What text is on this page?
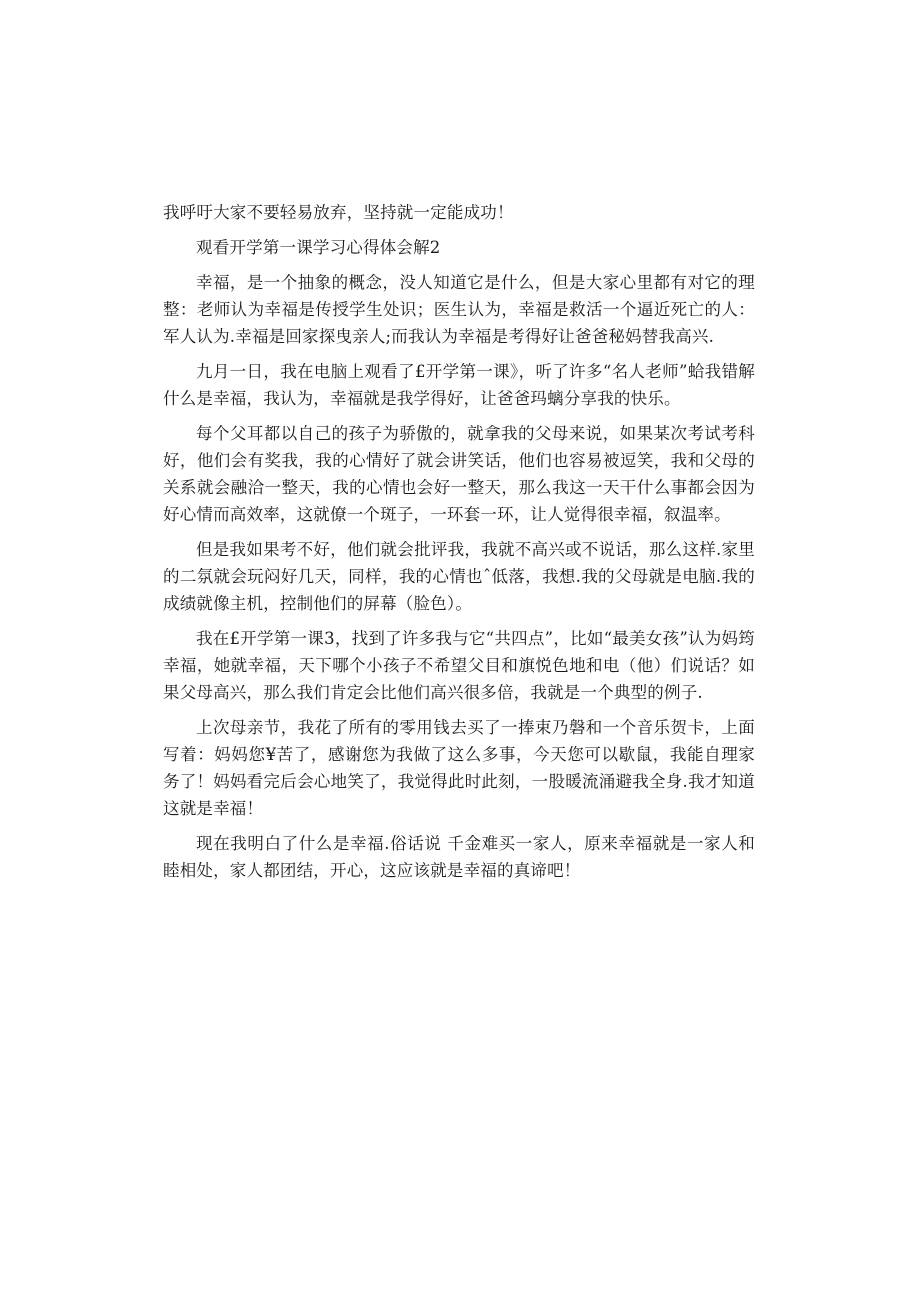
我呼吁大家不要轻易放弃，坚持就一定能成功！

观看开学第一课学习心得体会解2

幸福，是一个抽象的概念，没人知道它是什么，但是大家心里都有对它的理整：老师认为幸福是传授学生处识；医生认为，幸福是救活一个逼近死亡的人：军人认为.幸福是回家探曳亲人;而我认为幸福是考得好让爸爸秘妈替我高兴.

九月一日，我在电脑上观看了£开学第一课》，听了许多“名人老师”蛤我错解什么是幸福，我认为，幸福就是我学得好，让爸爸玛螭分享我的快乐。

每个父耳都以自己的孩子为骄傲的，就拿我的父母来说，如果某次考试考科好，他们会有奖我，我的心情好了就会讲笑话，他们也容易被逗笑，我和父母的关系就会融洽一整天，我的心情也会好一整天，那么我这一天干什么事都会因为好心情而高效率，这就僚一个斑子，一环套一环，让人觉得很幸福，叙温率。

但是我如果考不好，他们就会批评我，我就不高兴或不说话，那么这样.家里的二氛就会玩闷好几天，同样，我的心情也ˆ低落，我想.我的父母就是电脑.我的成绩就像主机，控制他们的屏幕（脸色）。

我在£开学第一课3，找到了许多我与它“共四点”，比如“最美女孩”认为妈筠幸福，她就幸福，天下哪个小孩子不希望父目和旗悦色地和电（他）们说话？如果父母高兴，那么我们肯定会比他们高兴很多倍，我就是一个典型的例子.

上次母亲节，我花了所有的零用钱去买了一捧束乃磐和一个音乐贺卡，上面写着：妈妈您¥苦了，感谢您为我做了这么多事，今天您可以歇鼠，我能自理家务了！妈妈看完后会心地笑了，我觉得此时此刻，一股暖流涌避我全身.我才知道这就是幸福！

现在我明白了什么是幸福.俗话说 千金难买一家人，原来幸福就是一家人和睦相处，家人都团结，开心，这应该就是幸福的真谛吧！
